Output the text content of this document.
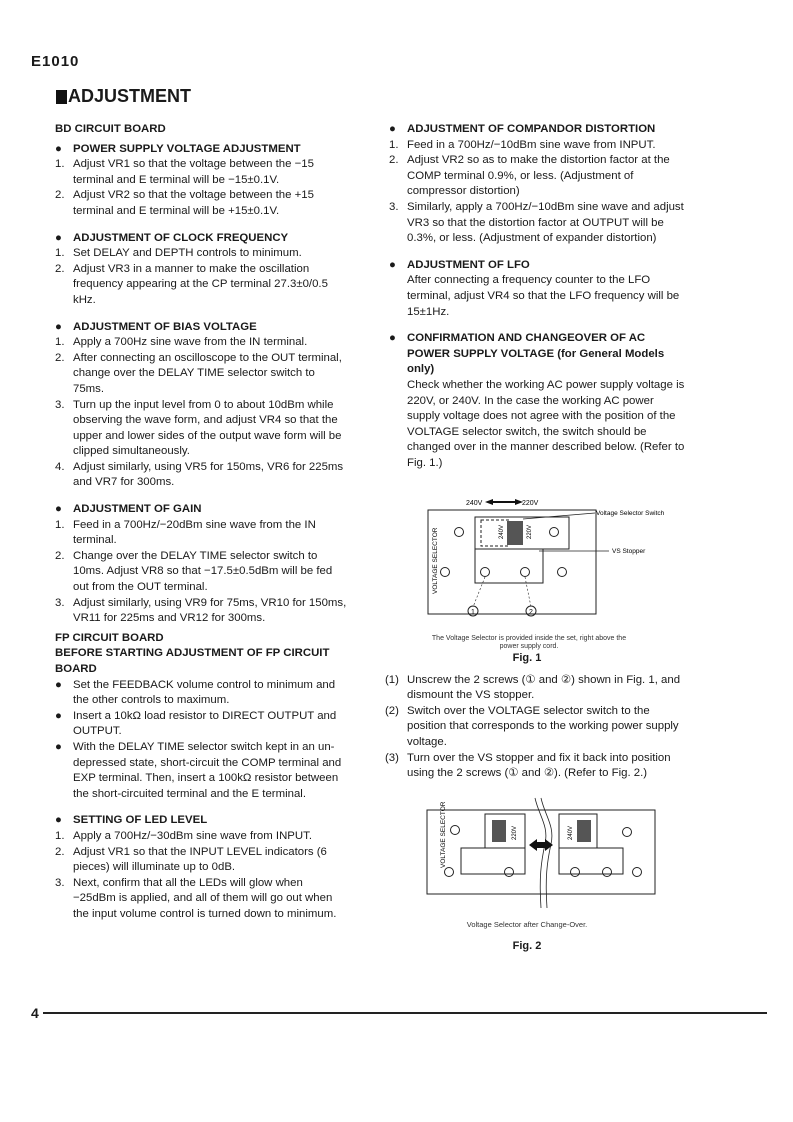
E1010
ADJUSTMENT

BD CIRCUIT BOARD

● POWER SUPPLY VOLTAGE ADJUSTMENT
1. Adjust VR1 so that the voltage between the −15 terminal and E terminal will be −15±0.1V.
2. Adjust VR2 so that the voltage between the +15 terminal and E terminal will be +15±0.1V.
● ADJUSTMENT OF CLOCK FREQUENCY
1. Set DELAY and DEPTH controls to minimum.
2. Adjust VR3 in a manner to make the oscillation frequency appearing at the CP terminal 27.3±0/0.5 kHz.
● ADJUSTMENT OF BIAS VOLTAGE
1. Apply a 700Hz sine wave from the IN terminal.
2. After connecting an oscilloscope to the OUT terminal, change over the DELAY TIME selector switch to 75ms.
3. Turn up the input level from 0 to about 10dBm while observing the wave form, and adjust VR4 so that the upper and lower sides of the output wave form will be clipped simultaneously.
4. Adjust similarly, using VR5 for 150ms, VR6 for 225ms and VR7 for 300ms.
● ADJUSTMENT OF GAIN
1. Feed in a 700Hz/−20dBm sine wave from the IN terminal.
2. Change over the DELAY TIME selector switch to 10ms. Adjust VR8 so that −17.5±0.5dBm will be fed out from the OUT terminal.
3. Adjust similarly, using VR9 for 75ms, VR10 for 150ms, VR11 for 225ms and VR12 for 300ms.

FP CIRCUIT BOARD

BEFORE STARTING ADJUSTMENT OF FP CIRCUIT BOARD

● Set the FEEDBACK volume control to minimum and the other controls to maximum.
● Insert a 10kΩ load resistor to DIRECT OUTPUT and OUTPUT.
● With the DELAY TIME selector switch kept in an un-depressed state, short-circuit the COMP terminal and EXP terminal. Then, insert a 100kΩ resistor between the short-circuited terminal and the E terminal.
● SETTING OF LED LEVEL
1. Apply a 700Hz/−30dBm sine wave from INPUT.
2. Adjust VR1 so that the INPUT LEVEL indicators (6 pieces) will illuminate up to 0dB.
3. Next, confirm that all the LEDs will glow when −25dBm is applied, and all of them will go out when the input volume control is turned down to minimum.
● ADJUSTMENT OF COMPANDOR DISTORTION
1. Feed in a 700Hz/−10dBm sine wave from INPUT.
2. Adjust VR2 so as to make the distortion factor at the COMP terminal 0.9%, or less. (Adjustment of compressor distortion)
3. Similarly, apply a 700Hz/−10dBm sine wave and adjust VR3 so that the distortion factor at OUTPUT will be 0.3%, or less. (Adjustment of expander distortion)
● ADJUSTMENT OF LFO
After connecting a frequency counter to the LFO terminal, adjust VR4 so that the LFO frequency will be 15±1Hz.
● CONFIRMATION AND CHANGEOVER OF AC POWER SUPPLY VOLTAGE (for General Models only)
Check whether the working AC power supply voltage is 220V, or 240V. In the case the working AC power supply voltage does not agree with the position of the VOLTAGE selector switch, the switch should be changed over in the manner described below. (Refer to Fig. 1.)
240V	220V
VOLTAGE SELECTOR	240V	220V
Voltage Selector Switch
VS Stopper
1	2
The Voltage Selector is provided inside the set, right above the power supply cord.
Fig. 1
(1) Unscrew the 2 screws (① and ②) shown in Fig. 1, and dismount the VS stopper.
(2) Switch over the VOLTAGE selector switch to the position that corresponds to the working power supply voltage.
(3) Turn over the VS stopper and fix it back into position using the 2 screws (① and ②). (Refer to Fig. 2.)
VOLTAGE SELECTOR	220V	240V
Voltage Selector after Change-Over.
Fig. 2
4
